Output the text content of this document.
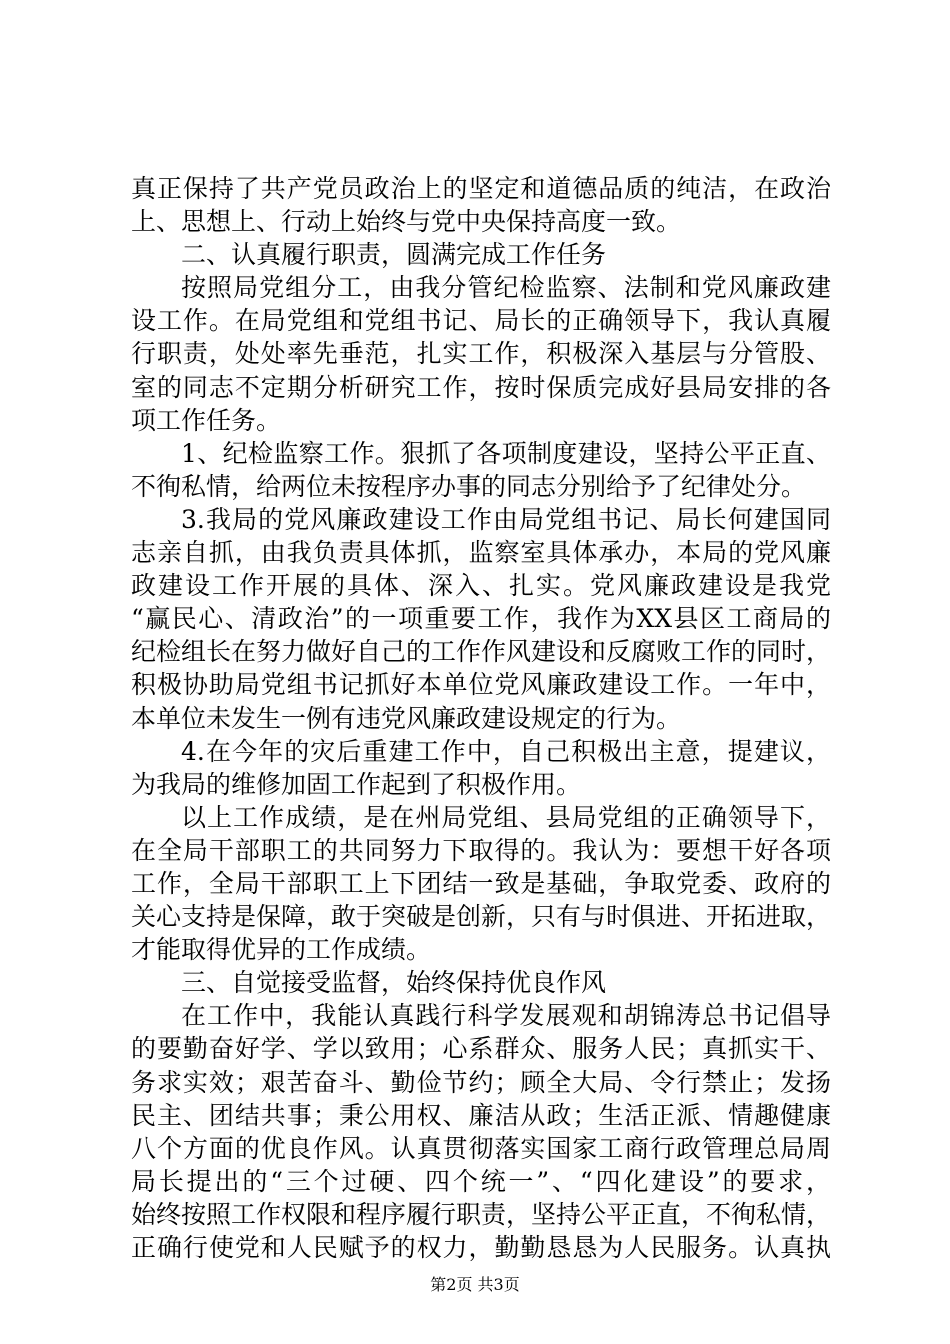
真正保持了共产党员政治上的坚定和道德品质的纯洁，在政治
上、思想上、行动上始终与党中央保持高度一致。
二、认真履行职责，圆满完成工作任务
按照局党组分工，由我分管纪检监察、法制和党风廉政建
设工作。在局党组和党组书记、局长的正确领导下，我认真履
行职责，处处率先垂范，扎实工作，积极深入基层与分管股、
室的同志不定期分析研究工作，按时保质完成好县局安排的各
项工作任务。
1、纪检监察工作。狠抓了各项制度建设，坚持公平正直、
不徇私情，给两位未按程序办事的同志分别给予了纪律处分。
3.我局的党风廉政建设工作由局党组书记、局长何建国同
志亲自抓，由我负责具体抓，监察室具体承办，本局的党风廉
政建设工作开展的具体、深入、扎实。党风廉政建设是我党
“赢民心、清政治”的一项重要工作，我作为XX县区工商局的
纪检组长在努力做好自己的工作作风建设和反腐败工作的同时，
积极协助局党组书记抓好本单位党风廉政建设工作。一年中，
本单位未发生一例有违党风廉政建设规定的行为。
4.在今年的灾后重建工作中，自己积极出主意，提建议，
为我局的维修加固工作起到了积极作用。
以上工作成绩，是在州局党组、县局党组的正确领导下，
在全局干部职工的共同努力下取得的。我认为：要想干好各项
工作，全局干部职工上下团结一致是基础，争取党委、政府的
关心支持是保障，敢于突破是创新，只有与时俱进、开拓进取，
才能取得优异的工作成绩。
三、自觉接受监督，始终保持优良作风
在工作中，我能认真践行科学发展观和胡锦涛总书记倡导
的要勤奋好学、学以致用；心系群众、服务人民；真抓实干、
务求实效；艰苦奋斗、勤俭节约；顾全大局、令行禁止；发扬
民主、团结共事；秉公用权、廉洁从政；生活正派、情趣健康
八个方面的优良作风。认真贯彻落实国家工商行政管理总局周
局长提出的“三个过硬、四个统一”、“四化建设”的要求，
始终按照工作权限和程序履行职责，坚持公平正直，不徇私情，
正确行使党和人民赋予的权力，勤勤恳恳为人民服务。认真执
第2页 共3页
